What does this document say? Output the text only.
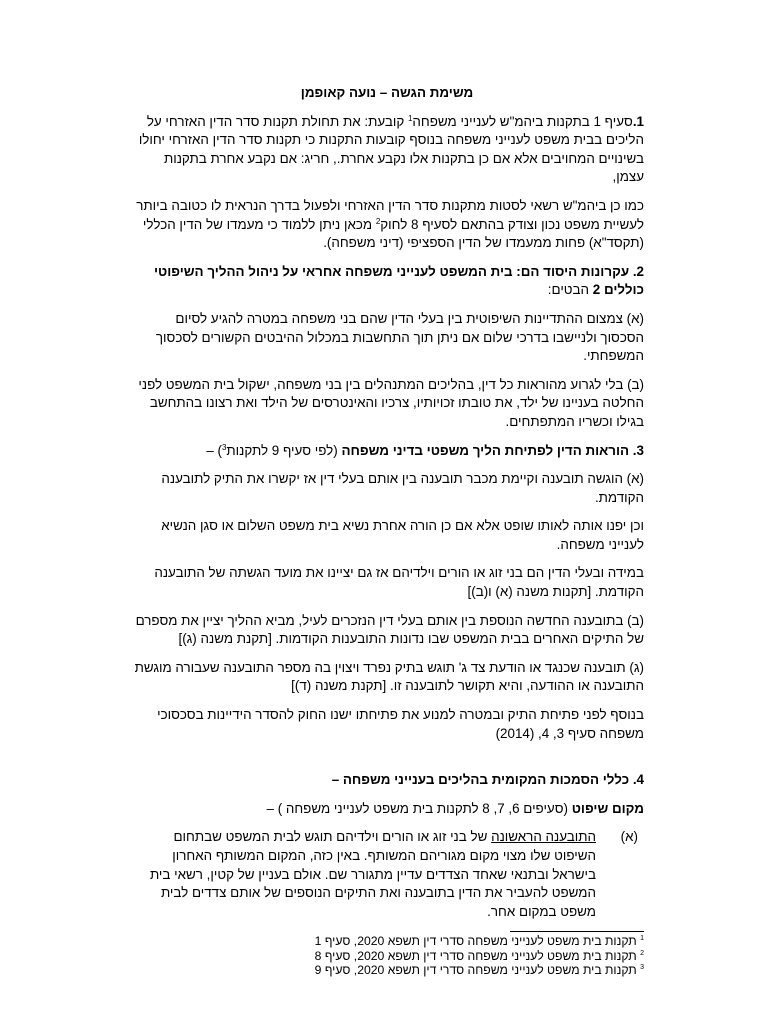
משימת הגשה – נועה קאופמן
1.סעיף 1 בתקנות ביהמ"ש לענייני משפחה$^1$ קובעת: את תחולת תקנות סדר הדין האזרחי על הליכים בבית משפט לענייני משפחה בנוסף קובעות התקנות כי תקנות סדר הדין האזרחי יחולו בשינויים המחויבים אלא אם כן בתקנות אלו נקבע אחרת., חריג: אם נקבע אחרת בתקנות עצמן,
כמו כן ביהמ"ש רשאי לסטות מתקנות סדר הדין האזרחי ולפעול בדרך הנראית לו כטובה ביותר לעשיית משפט נכון וצודק בהתאם לסעיף 8 לחוק$^2$ מכאן ניתן ללמוד כי מעמדו של הדין הכללי (תקסד"א) פחות ממעמדו של הדין הספציפי (דיני משפחה).
2. עקרונות היסוד הם: בית המשפט לענייני משפחה אחראי על ניהול ההליך השיפוטי כוללים 2 הבטים:
(א) צמצום ההתדיינות השיפוטית בין בעלי הדין שהם בני משפחה במטרה להגיע לסיום הסכסוך ולניישבו בדרכי שלום אם ניתן תוך התחשבות במכלול ההיבטים הקשורים לסכסוך המשפחתי.
(ב) בלי לגרוע מהוראות כל דין, בהליכים המתנהלים בין בני משפחה, ישקול בית המשפט לפני החלטה בעניינו של ילד, את טובתו זכויותיו, צרכיו והאינטרסים של הילד ואת רצונו בהתחשב בגילו וכשריו המתפתחים.
3. הוראות הדין לפתיחת הליך משפטי בדיני משפחה (לפי סעיף 9 לתקנות$^3$) –
(א) הוגשה תובענה וקיימת מכבר תובענה בין אותם בעלי דין אז יקשרו את התיק לתובענה הקודמת.
וכן יפנו אותה לאותו שופט אלא אם כן הורה אחרת נשיא בית משפט השלום או סגן הנשיא לענייני משפחה.
במידה ובעלי הדין הם בני זוג או הורים וילדיהם אז גם יציינו את מועד הגשתה של התובענה הקודמת. [תקנות משנה (א) ו(ב)]
(ב) בתובענה החדשה הנוספת בין אותם בעלי דין הנזכרים לעיל, מביא ההליך יציין את מספרם של התיקים האחרים בבית המשפט שבו נדונות התובענות הקודמות. [תקנת משנה (ג)]
(ג) תובענה שכנגד או הודעת צד ג' תוגש בתיק נפרד ויצוין בה מספר התובענה שעבורה מוגשת התובענה או ההודעה, והיא תקושר לתובענה זו. [תקנת משנה (ד)]
בנוסף לפני פתיחת התיק ובמטרה למנוע את פתיחתו ישנו החוק להסדר הידיינות בסכסוכי משפחה סעיף 3, 4, (2014)
4. כללי הסמכות המקומית בהליכים בענייני משפחה –
מקום שיפוט (סעיפים 6, 7, 8 לתקנות בית משפט לענייני משפחה ) –
(א)
התובענה הראשונה של בני זוג או הורים וילדיהם תוגש לבית המשפט שבתחום השיפוט שלו מצוי מקום מגוריהם המשותף. באין כזה, המקום המשותף האחרון בישראל ובתנאי שאחד הצדדים עדיין מתגורר שם. אולם בעניין של קטין, רשאי בית המשפט להעביר את הדין בתובענה ואת התיקים הנוספים של אותם צדדים לבית משפט במקום אחר.
$^1$ תקנות בית משפט לענייני משפחה סדרי דין תשפא 2020, סעיף 1
$^2$ תקנות בית משפט לענייני משפחה סדרי דין תשפא 2020, סעיף 8
$^3$ תקנות בית משפט לענייני משפחה סדרי דין תשפא 2020, סעיף 9
